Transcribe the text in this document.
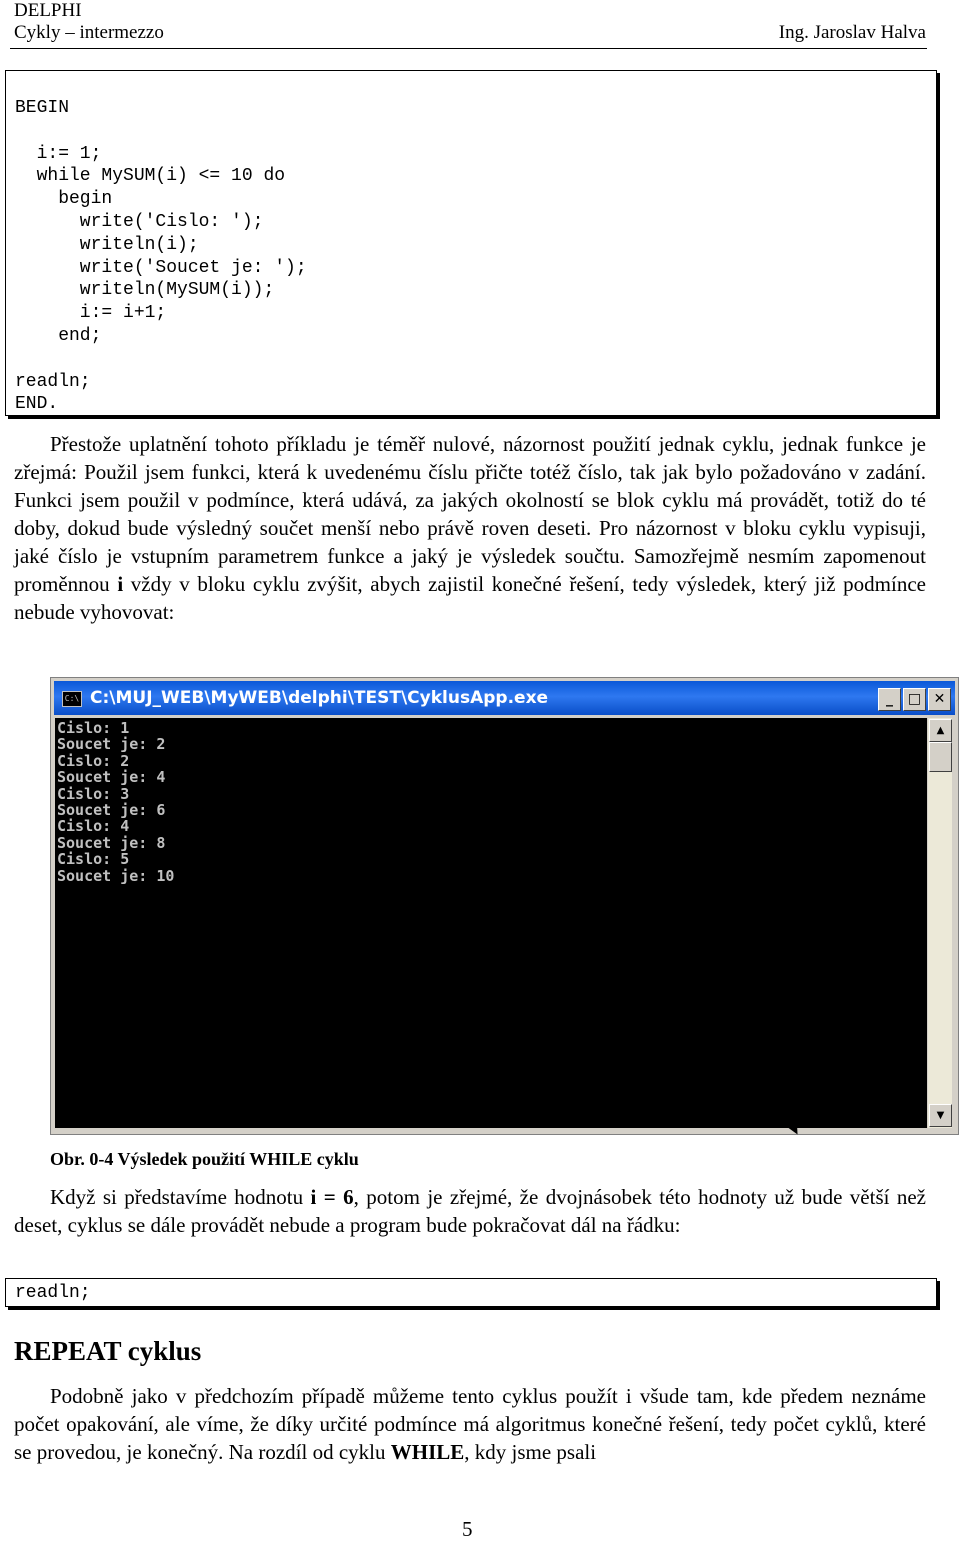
DELPHI
Cykly – intermezzo	Ing. Jaroslav Halva
BEGIN

i:= 1;
while MySUM(i) <= 10 do
begin
write('Cislo: ');
writeln(i);
write('Soucet je: ');
writeln(MySUM(i));
i:= i+1;
end;

readln;
END.

Přestože uplatnění tohoto příkladu je téměř nulové, názornost použití jednak cyklu, jednak funkce je zřejmá: Použil jsem funkci, která k uvedenému číslu přičte totéž číslo, tak jak bylo požadováno v zadání. Funkci jsem použil v podmínce, která udává, za jakých okolností se blok cyklu má provádět, totiž do té doby, dokud bude výsledný součet menší nebo právě roven deseti. Pro názornost v bloku cyklu vypisuji, jaké číslo je vstupním parametrem funkce a jaký je výsledek součtu. Samozřejmě nesmím zapomenout proměnnou i vždy v bloku cyklu zvýšit, abych zajistil konečné řešení, tedy výsledek, který již podmínce nebude vyhovovat:

C:\ C:\MUJ_WEB\MyWEB\delphi\TEST\CyklusApp.exe	_	□ ✕
Cislo: 1
Soucet je: 2
Cislo: 2
Soucet je: 4
Cislo: 3
Soucet je: 6
Cislo: 4
Soucet je: 8
Cislo: 5
Soucet je: 10
▲
▼
Obr. 0-4 Výsledek použití WHILE cyklu

Když si představíme hodnotu i = 6, potom je zřejmé, že dvojnásobek této hodnoty už bude větší než deset, cyklus se dále provádět nebude a program bude pokračovat dál na řádku:

readln;
REPEAT cyklus

Podobně jako v předchozím případě můžeme tento cyklus použít i všude tam, kde předem neznáme počet opakování, ale víme, že díky určité podmínce má algoritmus konečné řešení, tedy počet cyklů, které se provedou, je konečný. Na rozdíl od cyklu WHILE, kdy jsme psali

5
